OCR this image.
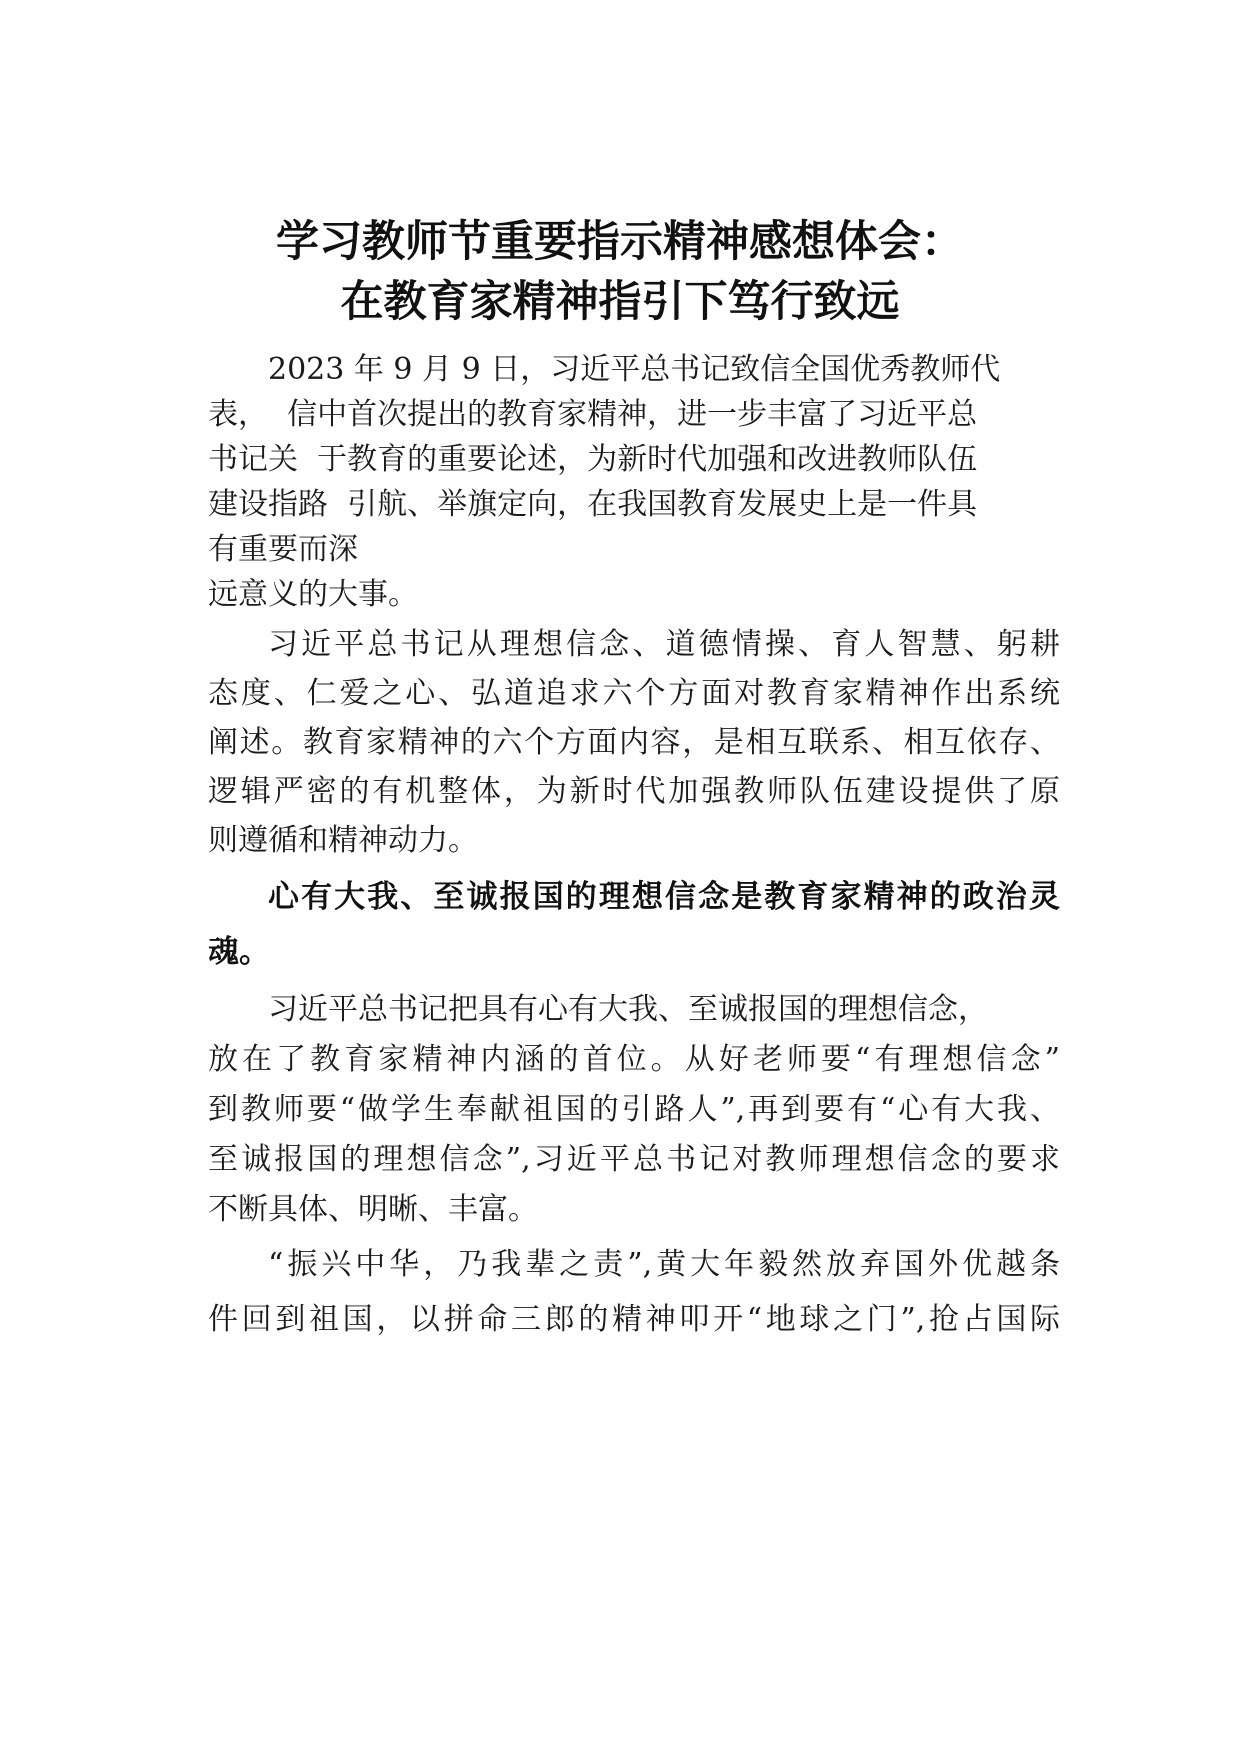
学习教师节重要指示精神感想体会：
在教育家精神指引下笃行致远

2023 年 9 月 9 日，习近平总书记致信全国优秀教师代

表，  信中首次提出的教育家精神，进一步丰富了习近平总

书记关  于教育的重要论述，为新时代加强和改进教师队伍

建设指路  引航、举旗定向，在我国教育发展史上是一件具

有重要而深

远意义的大事。

习近平总书记从理想信念、道德情操、育人智慧、躬耕

态度、仁爱之心、弘道追求六个方面对教育家精神作出系统

阐述。教育家精神的六个方面内容，是相互联系、相互依存、

逻辑严密的有机整体，为新时代加强教师队伍建设提供了原

则遵循和精神动力。

心有大我、至诚报国的理想信念是教育家精神的政治灵

魂。

习近平总书记把具有心有大我、至诚报国的理想信念，

放在了教育家精神内涵的首位。从好老师要“有理想信念”

到教师要“做学生奉献祖国的引路人”,再到要有“心有大我、

至诚报国的理想信念”,习近平总书记对教师理想信念的要求

不断具体、明晰、丰富。

“振兴中华，乃我辈之责”,黄大年毅然放弃国外优越条

件回到祖国，以拼命三郎的精神叩开“地球之门”,抢占国际
